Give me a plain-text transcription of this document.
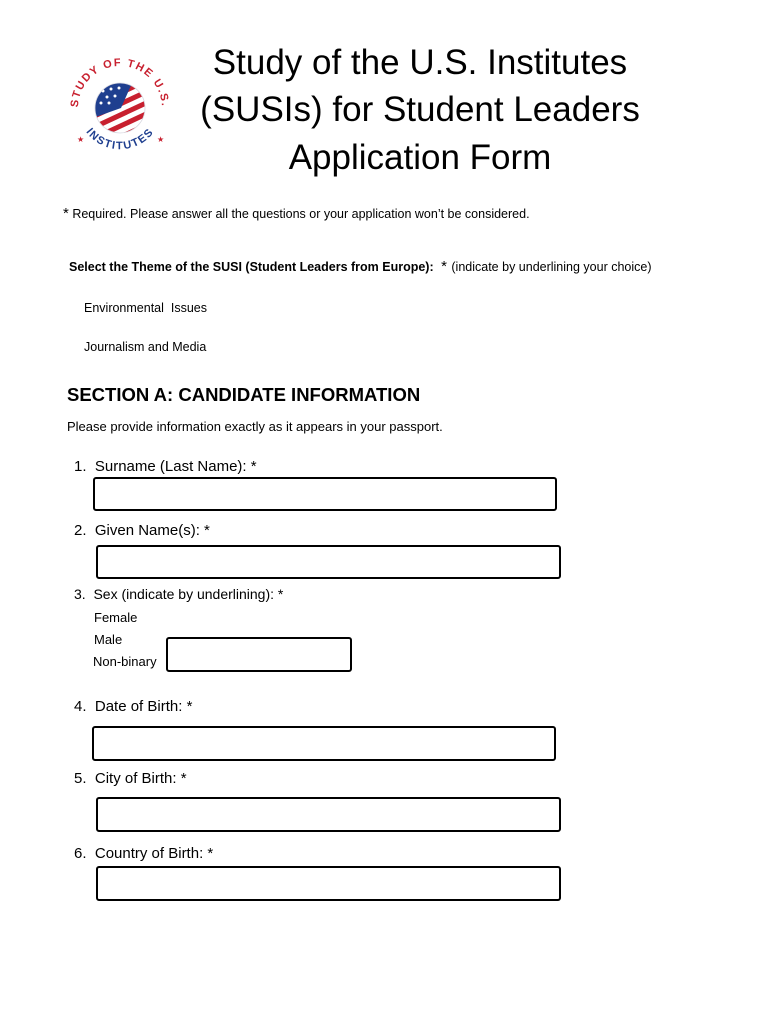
STUDY OF THE U.S.
INSTITUTES
★	★
Study of the U.S. Institutes
(SUSIs) for Student Leaders
Application Form
* Required. Please answer all the questions or your application won’t be considered.
Select the Theme of the SUSI (Student Leaders from Europe): * (indicate by underlining your choice)
Environmental  Issues
Journalism and Media
SECTION A: CANDIDATE INFORMATION
Please provide information exactly as it appears in your passport.
1. Surname (Last Name): *
2. Given Name(s): *
3. Sex (indicate by underlining): *
Female
Male
Non-binary
4. Date of Birth: *
5. City of Birth: *
6. Country of Birth: *
